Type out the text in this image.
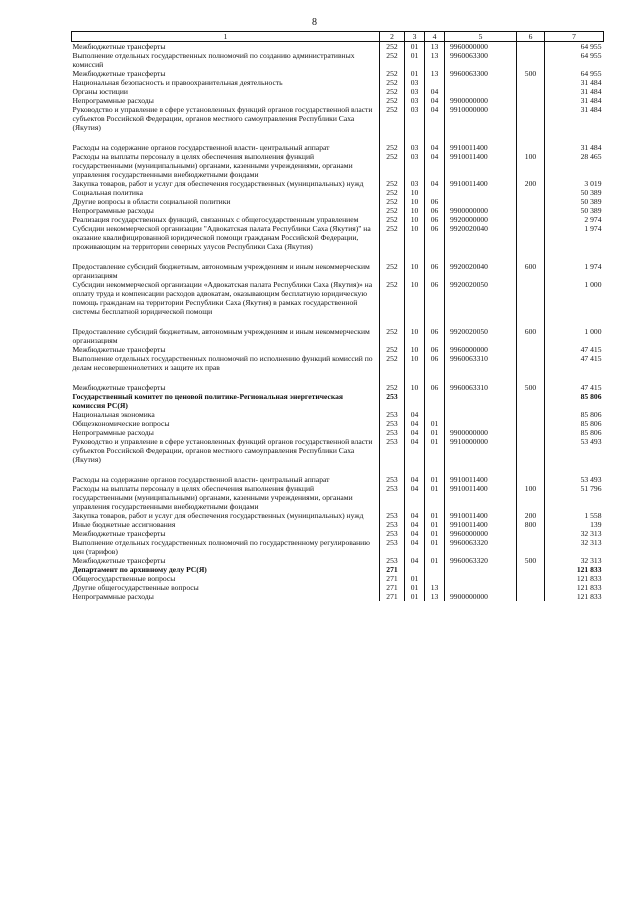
8
1	2	3	4	5	6	7
Межбюджетные трансферты	252	01	13	9960000000		64 955
Выполнение отдельных государственных полномочий по созданию административных комиссий	252	01	13	9960063300		64 955
Межбюджетные трансферты	252	01	13	9960063300	500	64 955
Национальная безопасность и правоохранительная деятельность	252	03				31 484
Органы юстиции	252	03	04			31 484
Непрограммные расходы	252	03	04	9900000000		31 484
Руководство и управление в сфере установленных функций органов государственной власти субъектов Российской Федерации, органов местного самоуправления Республики Саха (Якутия)	252	03	04	9910000000		31 484

Расходы на содержание органов государственной власти- центральный аппарат	252	03	04	9910011400		31 484
Расходы на выплаты персоналу в целях обеспечения выполнения функций государственными (муниципальными) органами, казенными учреждениями, органами управления государственными внебюджетными фондами	252	03	04	9910011400	100	28 465
Закупка товаров, работ и услуг для обеспечения государственных (муниципальных) нужд	252	03	04	9910011400	200	3 019
Социальная политика	252	10				50 389
Другие вопросы в области социальной политики	252	10	06			50 389
Непрограммные расходы	252	10	06	9900000000		50 389
Реализация государственных функций, связанных с общегосударственным управлением	252	10	06	9920000000		2 974
Субсидии некоммерческой организации "Адвокатская палата Республики Саха (Якутия)" на оказание квалифицированной юридической помощи гражданам Российской Федерации, проживающим на территории северных улусов Республики Саха (Якутия)	252	10	06	9920020040		1 974

Предоставление субсидий бюджетным, автономным учреждениям и иным некоммерческим организациям	252	10	06	9920020040	600	1 974
Субсидии некоммерческой организации «Адвокатская палата Республики Саха (Якутия)» на оплату труда и компенсации расходов адвокатам, оказывающим бесплатную юридическую помощь гражданам на территории Республики Саха (Якутия) в рамках государственной системы бесплатной юридической помощи	252	10	06	9920020050		1 000

Предоставление субсидий бюджетным, автономным учреждениям и иным некоммерческим организациям	252	10	06	9920020050	600	1 000
Межбюджетные трансферты	252	10	06	9960000000		47 415
Выполнение отдельных государственных полномочий по исполнению функций комиссий по делам несовершеннолетних и защите их прав	252	10	06	9960063310		47 415

Межбюджетные трансферты	252	10	06	9960063310	500	47 415
Государственный комитет по ценовой политике-Региональная энергетическая комиссия РС(Я)	253					85 806
Национальная экономика	253	04				85 806
Общеэкономические вопросы	253	04	01			85 806
Непрограммные расходы	253	04	01	9900000000		85 806
Руководство и управление в сфере установленных функций органов государственной власти субъектов Российской Федерации, органов местного самоуправления Республики Саха (Якутия)	253	04	01	9910000000		53 493

Расходы на содержание органов государственной власти- центральный аппарат	253	04	01	9910011400		53 493
Расходы на выплаты персоналу в целях обеспечения выполнения функций государственными (муниципальными) органами, казенными учреждениями, органами управления государственными внебюджетными фондами	253	04	01	9910011400	100	51 796
Закупка товаров, работ и услуг для обеспечения государственных (муниципальных) нужд	253	04	01	9910011400	200	1 558
Иные бюджетные ассигнования	253	04	01	9910011400	800	139
Межбюджетные трансферты	253	04	01	9960000000		32 313
Выполнение отдельных государственных полномочий по государственному регулированию цен (тарифов)	253	04	01	9960063320		32 313
Межбюджетные трансферты	253	04	01	9960063320	500	32 313
Департамент по архивному делу РС(Я)	271					121 833
Общегосударственные вопросы	271	01				121 833
Другие общегосударственные вопросы	271	01	13			121 833
Непрограммные расходы	271	01	13	9900000000		121 833
